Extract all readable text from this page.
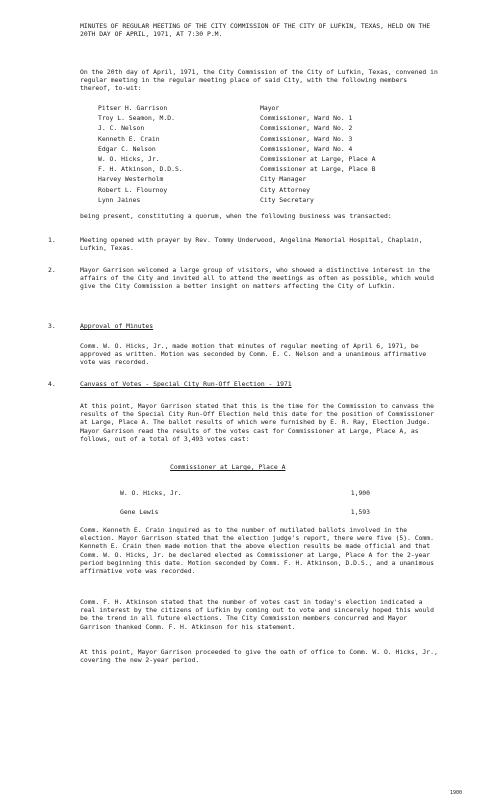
MINUTES OF REGULAR MEETING OF THE CITY COMMISSION OF THE CITY OF LUFKIN, TEXAS, HELD ON THE 20TH DAY OF APRIL, 1971, AT 7:30 P.M.
On the 20th day of April, 1971, the City Commission of the City of Lufkin, Texas, convened in regular meeting in the regular meeting place of said City, with the following members thereof, to-wit:
Pitser H. Garrison	Mayor
Troy L. Seamon, M.D.	Commissioner, Ward No. 1
J. C. Nelson	Commissioner, Ward No. 2
Kenneth E. Crain	Commissioner, Ward No. 3
Edgar C. Nelson	Commissioner, Ward No. 4
W. O. Hicks, Jr.	Commissioner at Large, Place A
F. H. Atkinson, D.D.S.	Commissioner at Large, Place B
Harvey Westerholm	City Manager
Robert L. Flournoy	City Attorney
Lynn Jaines	City Secretary
being present, constituting a quorum, when the following business was transacted:
1.	Meeting opened with prayer by Rev. Tommy Underwood, Angelina Memorial Hospital, Chaplain, Lufkin, Texas.
2.	Mayor Garrison welcomed a large group of visitors, who showed a distinctive interest in the affairs of the City and invited all to attend the meetings as often as possible, which would give the City Commission a better insight on matters affecting the City of Lufkin.
3.	Approval of Minutes
Comm. W. O. Hicks, Jr., made motion that minutes of regular meeting of April 6, 1971, be approved as written. Motion was seconded by Comm. E. C. Nelson and a unanimous affirmative vote was recorded.
4.	Canvass of Votes - Special City Run-Off Election - 1971
At this point, Mayor Garrison stated that this is the time for the Commission to canvass the results of the Special City Run-Off Election held this date for the position of Commissioner at Large, Place A. The ballot results of which were furnished by E. R. Ray, Election Judge. Mayor Garrison read the results of the votes cast for Commissioner at Large, Place A, as follows, out of a total of 3,493 votes cast:
Commissioner at Large, Place A
W. O. Hicks, Jr.	1,900
Gene Lewis	1,593
Comm. Kenneth E. Crain inquired as to the number of mutilated ballots involved in the election. Mayor Garrison stated that the election judge's report, there were five (5). Comm. Kenneth E. Crain then made motion that the above election results be made official and that Comm. W. O. Hicks, Jr. be declared elected as Commissioner at Large, Place A for the 2-year period beginning this date. Motion seconded by Comm. F. H. Atkinson, D.D.S., and a unanimous affirmative vote was recorded.
Comm. F. H. Atkinson stated that the number of votes cast in today's election indicated a real interest by the citizens of Lufkin by coming out to vote and sincerely hoped this would be the trend in all future elections. The City Commission members concurred and Mayor Garrison thanked Comm. F. H. Atkinson for his statement.
At this point, Mayor Garrison proceeded to give the oath of office to Comm. W. O. Hicks, Jr., covering the new 2-year period.
1900
